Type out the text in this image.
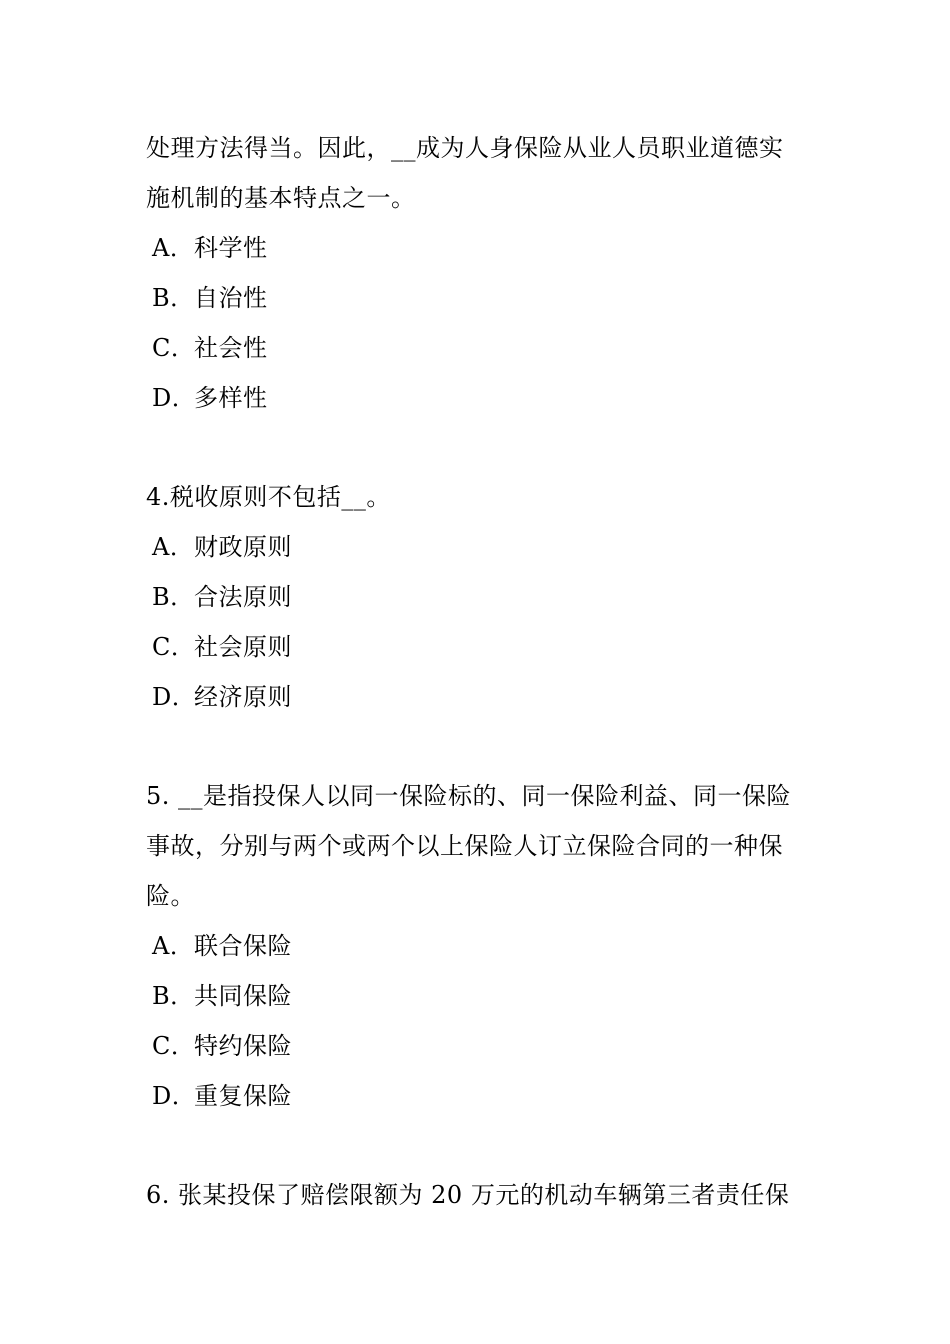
处理方法得当。因此，__成为人身保险从业人员职业道德实
施机制的基本特点之一。
A．科学性
B．自治性
C．社会性
D．多样性
4.税收原则不包括__。
A．财政原则
B．合法原则
C．社会原则
D．经济原则
5. __是指投保人以同一保险标的、同一保险利益、同一保险
事故，分别与两个或两个以上保险人订立保险合同的一种保
险。
A．联合保险
B．共同保险
C．特约保险
D．重复保险
6. 张某投保了赔偿限额为 20 万元的机动车辆第三者责任保
